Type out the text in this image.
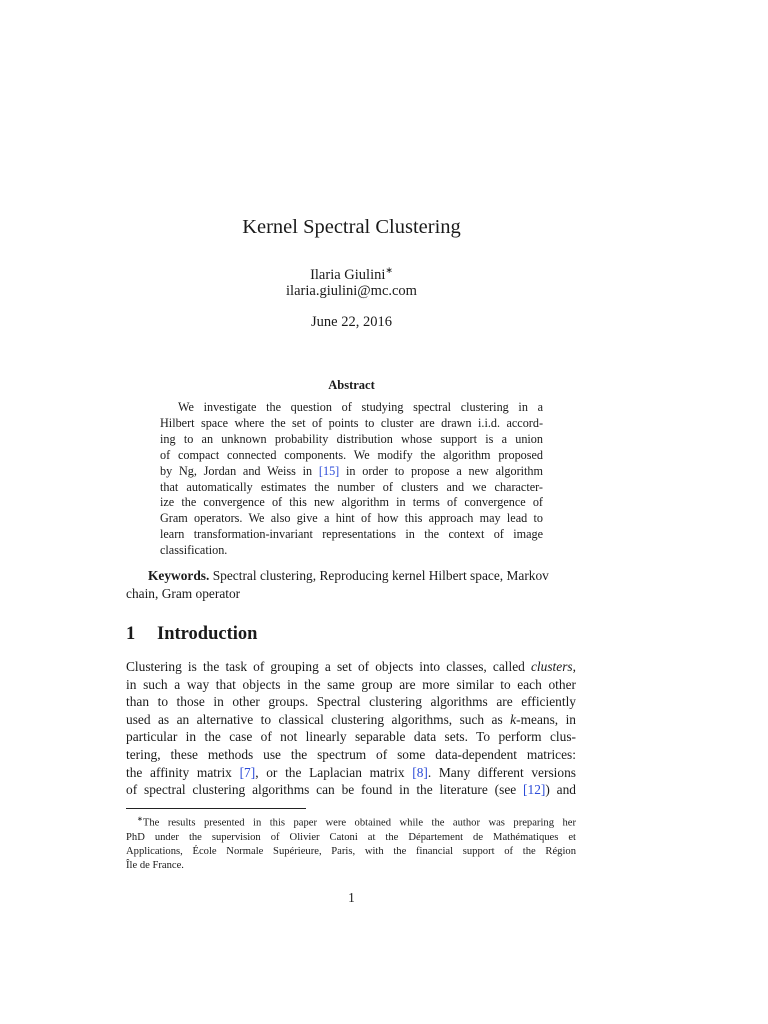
Kernel Spectral Clustering
Ilaria Giulini∗
ilaria.giulini@mc.com
June 22, 2016
Abstract
We investigate the question of studying spectral clustering in a
Hilbert space where the set of points to cluster are drawn i.i.d. accord-
ing to an unknown probability distribution whose support is a union
of compact connected components. We modify the algorithm proposed
by Ng, Jordan and Weiss in [15] in order to propose a new algorithm
that automatically estimates the number of clusters and we character-
ize the convergence of this new algorithm in terms of convergence of
Gram operators. We also give a hint of how this approach may lead to
learn transformation-invariant representations in the context of image
classification.
Keywords. Spectral clustering, Reproducing kernel Hilbert space, Markov
chain, Gram operator
1 Introduction
Clustering is the task of grouping a set of objects into classes, called clusters,
in such a way that objects in the same group are more similar to each other
than to those in other groups. Spectral clustering algorithms are efficiently
used as an alternative to classical clustering algorithms, such as k-means, in
particular in the case of not linearly separable data sets. To perform clus-
tering, these methods use the spectrum of some data-dependent matrices:
the affinity matrix [7], or the Laplacian matrix [8]. Many different versions
of spectral clustering algorithms can be found in the literature (see [12]) and
∗The results presented in this paper were obtained while the author was preparing her
PhD under the supervision of Olivier Catoni at the Département de Mathématiques et
Applications, École Normale Supérieure, Paris, with the financial support of the Région
Île de France.
1
